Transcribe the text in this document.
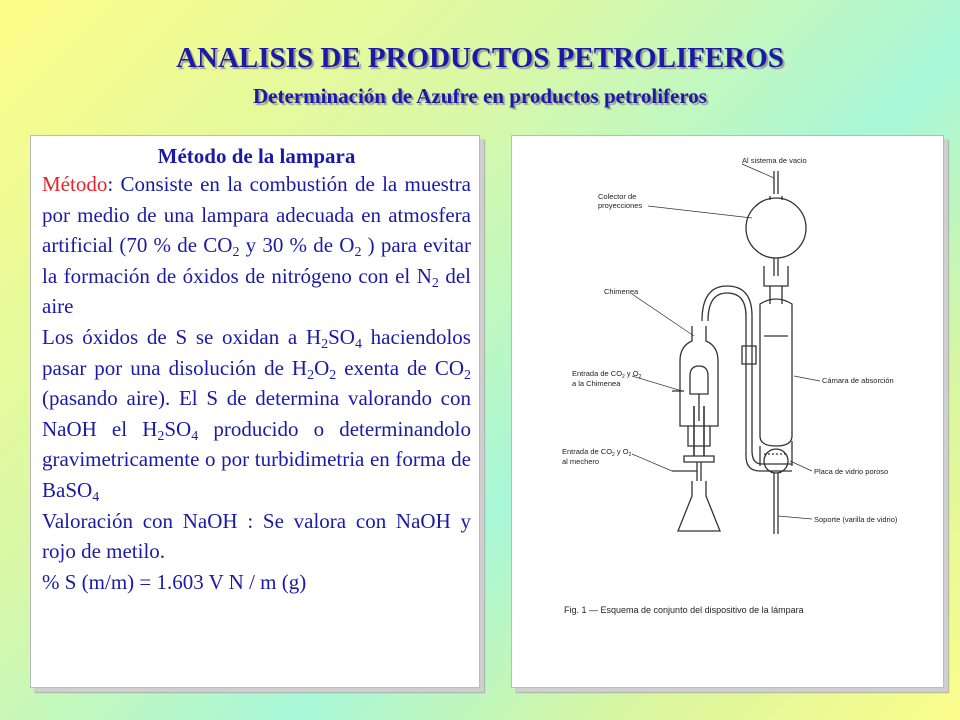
ANALISIS DE PRODUCTOS PETROLIFEROS
Determinación de Azufre en productos petroliferos
Método de la lampara

Método: Consiste en la combustión de la muestra por medio de una lampara adecuada en atmosfera artificial (70 % de $CO_2$ y 30 % de $O_2$ ) para evitar la formación de óxidos de nitrógeno con el $N_2$ del aire

Los óxidos de S se oxidan a $H_2SO_4$ haciendolos pasar por una disolución de $H_2O_2$ exenta de $CO_2$ (pasando aire). El S de determina valorando con NaOH el $H_2SO_4$ producido o determinandolo gravimetricamente o por turbidimetria en forma de BaSO$_4$

Valoración con NaOH : Se valora con NaOH y rojo de metilo.

% S (m/m) = 1.603 V N / m (g)

Al sistema de vacio
Colector de
proyecciones
Chimenea
Entrada de $CO_2$ y $O_2$
a la Chimenea	Cámara de absorción
Entrada de $CO_2$ y $O_2$
al mechero
Placa de vidrio poroso
Soporte (varilla de vidrio)
Fig. 1 — Esquema de conjunto del dispositivo de la lámpara
